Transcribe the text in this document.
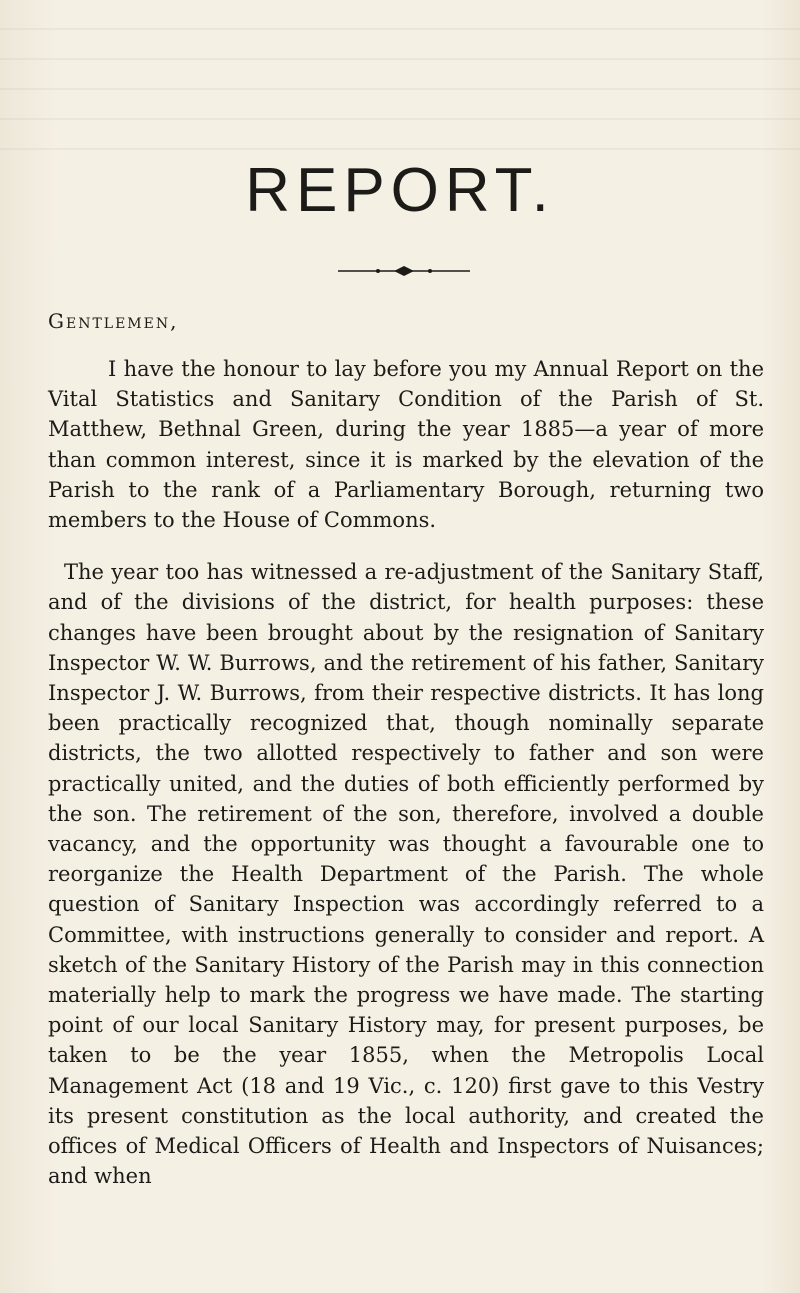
REPORT.
Gentlemen,

I have the honour to lay before you my Annual Report on the Vital Statistics and Sanitary Condition of the Parish of St. Matthew, Bethnal Green, during the year 1885—a year of more than common interest, since it is marked by the elevation of the Parish to the rank of a Parliamentary Borough, returning two members to the House of Commons.

The year too has witnessed a re-adjustment of the Sanitary Staff, and of the divisions of the district, for health purposes: these changes have been brought about by the resignation of Sanitary Inspector W. W. Burrows, and the retirement of his father, Sanitary Inspector J. W. Burrows, from their respective districts. It has long been practically recognized that, though nominally separate districts, the two allotted respectively to father and son were practically united, and the duties of both efficiently performed by the son. The retirement of the son, therefore, involved a double vacancy, and the opportunity was thought a favourable one to reorganize the Health Department of the Parish. The whole question of Sanitary Inspection was accordingly referred to a Committee, with instructions generally to consider and report. A sketch of the Sanitary History of the Parish may in this connection materially help to mark the progress we have made. The starting point of our local Sanitary History may, for present purposes, be taken to be the year 1855, when the Metropolis Local Management Act (18 and 19 Vic., c. 120) first gave to this Vestry its present constitution as the local authority, and created the offices of Medical Officers of Health and Inspectors of Nuisances; and when
